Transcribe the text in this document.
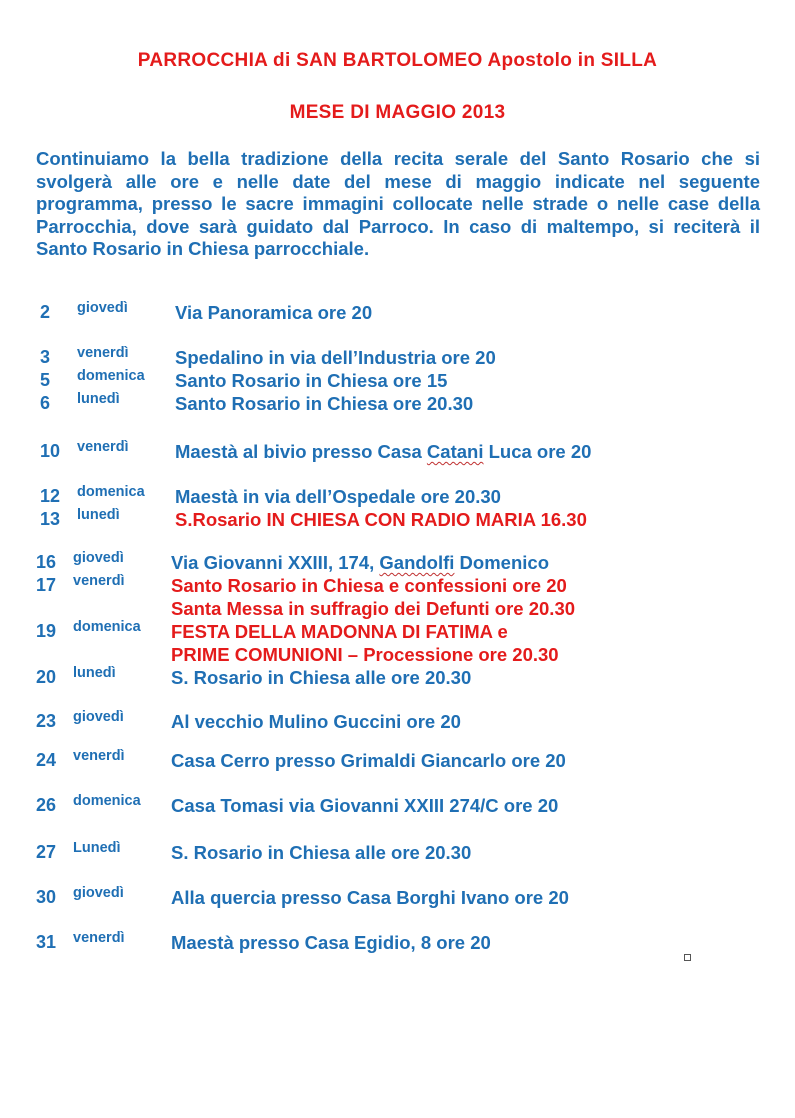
PARROCCHIA di SAN BARTOLOMEO Apostolo in SILLA
MESE DI MAGGIO 2013
Continuiamo la bella tradizione della recita serale del Santo Rosario che si svolgerà alle ore e nelle date del mese di maggio indicate nel seguente programma, presso le sacre immagini collocate nelle strade o nelle case della Parrocchia, dove sarà guidato dal Parroco. In caso di maltempo, si reciterà il Santo Rosario in Chiesa parrocchiale.
2 giovedì	Via Panoramica ore 20
3 venerdì	Spedalino in via dell’Industria ore 20
5 domenica Santo Rosario in Chiesa ore 15
6 lunedì	Santo Rosario in Chiesa ore 20.30
10 venerdì	Maestà al bivio presso Casa Catani Luca ore 20
12 domenica Maestà in via dell’Ospedale ore 20.30
13 lunedì	S.Rosario IN CHIESA CON RADIO MARIA 16.30
16 giovedì	Via Giovanni XXIII, 174, Gandolfi Domenico
17 venerdì	Santo Rosario in Chiesa e confessioni ore 20
Santa Messa in suffragio dei Defunti ore 20.30
19 domenica FESTA DELLA MADONNA DI FATIMA e
PRIME COMUNIONI – Processione ore 20.30
20 lunedì	S. Rosario in Chiesa alle ore 20.30
23 giovedì	Al vecchio Mulino Guccini ore 20
24 venerdì	Casa Cerro presso Grimaldi Giancarlo ore 20
26 domenica Casa Tomasi via Giovanni XXIII 274/C ore 20
27 Lunedì	S. Rosario in Chiesa alle ore 20.30
30 giovedì	Alla quercia presso Casa Borghi Ivano ore 20
31 venerdì	Maestà presso Casa Egidio, 8 ore 20
